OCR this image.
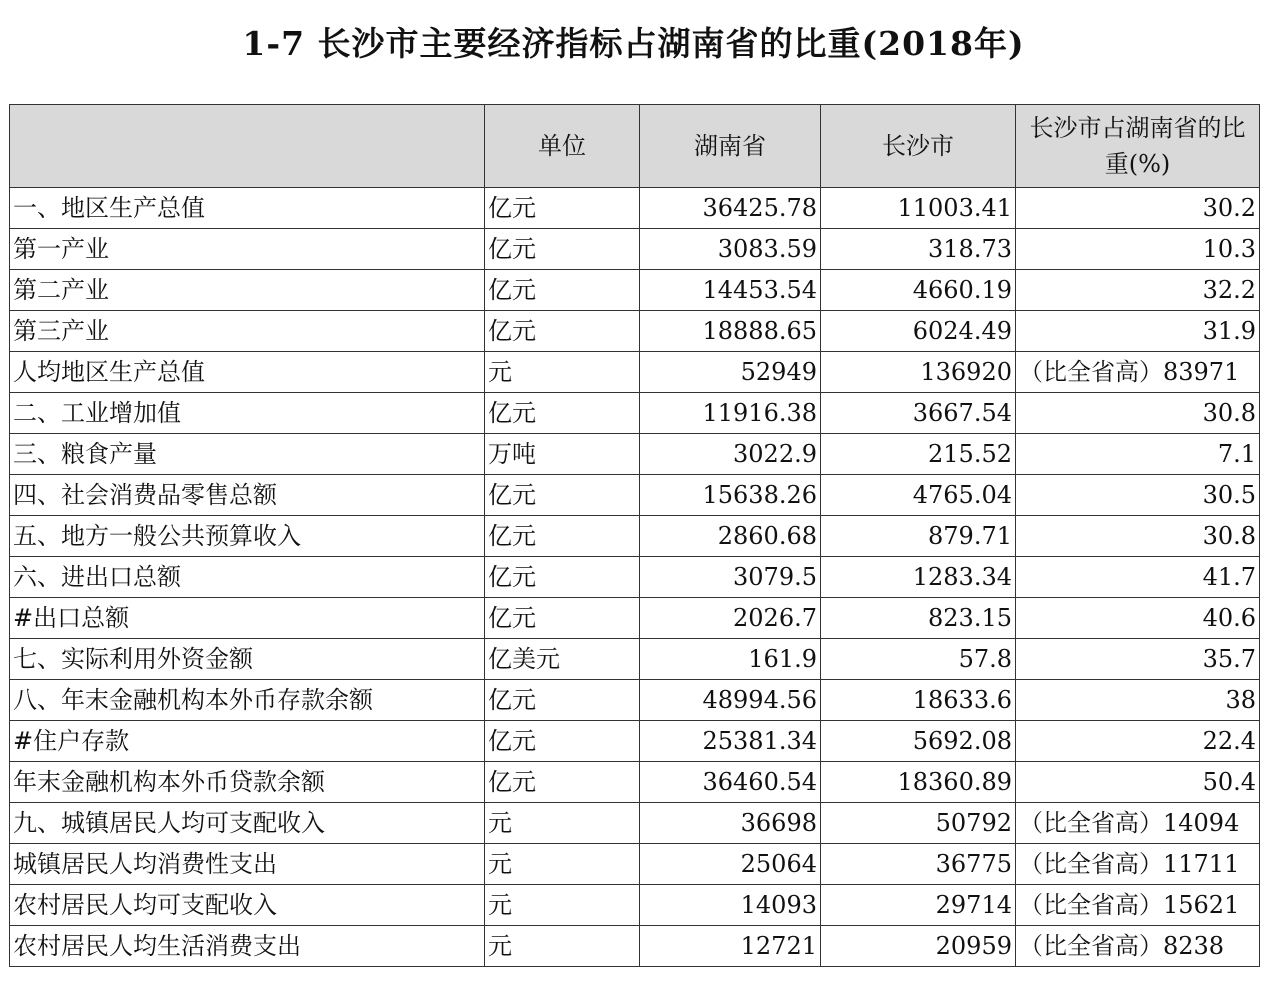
1-7 长沙市主要经济指标占湖南省的比重(2018年)
	单位	湖南省	长沙市	长沙市占湖南省的比重(%)
一、地区生产总值	亿元	36425.78	11003.41	30.2
第一产业	亿元	3083.59	318.73	10.3
第二产业	亿元	14453.54	4660.19	32.2
第三产业	亿元	18888.65	6024.49	31.9
人均地区生产总值	元	52949	136920	（比全省高）83971
二、工业增加值	亿元	11916.38	3667.54	30.8
三、粮食产量	万吨	3022.9	215.52	7.1
四、社会消费品零售总额	亿元	15638.26	4765.04	30.5
五、地方一般公共预算收入	亿元	2860.68	879.71	30.8
六、进出口总额	亿元	3079.5	1283.34	41.7
#出口总额	亿元	2026.7	823.15	40.6
七、实际利用外资金额	亿美元	161.9	57.8	35.7
八、年末金融机构本外币存款余额	亿元	48994.56	18633.6	38
#住户存款	亿元	25381.34	5692.08	22.4
年末金融机构本外币贷款余额	亿元	36460.54	18360.89	50.4
九、城镇居民人均可支配收入	元	36698	50792	（比全省高）14094
城镇居民人均消费性支出	元	25064	36775	（比全省高）11711
农村居民人均可支配收入	元	14093	29714	（比全省高）15621
农村居民人均生活消费支出	元	12721	20959	（比全省高）8238
